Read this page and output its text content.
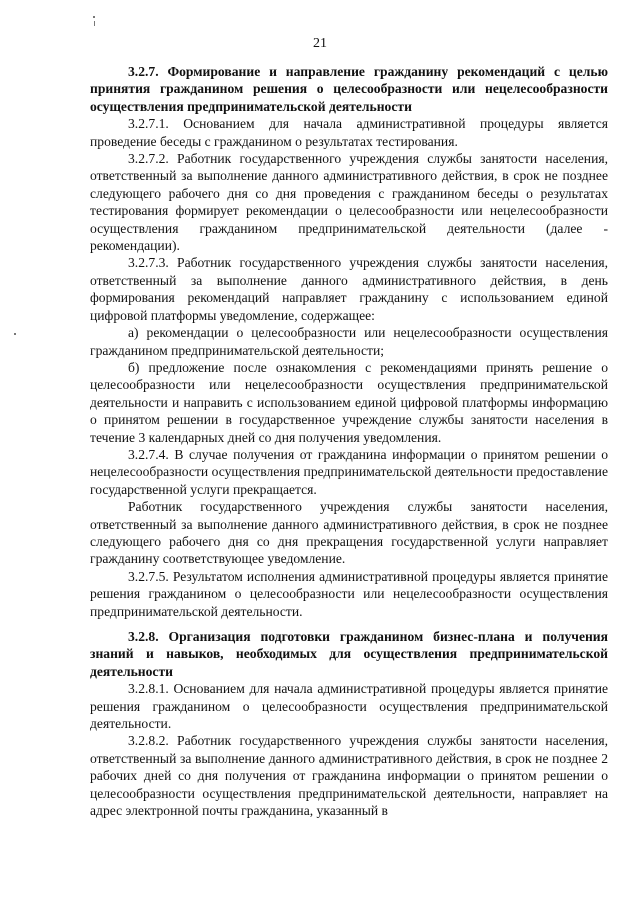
21

3.2.7. Формирование и направление гражданину рекомендаций с целью принятия гражданином решения о целесообразности или нецелесообразности осуществления предпринимательской деятельности

3.2.7.1. Основанием для начала административной процедуры является проведение беседы с гражданином о результатах тестирования.

3.2.7.2. Работник государственного учреждения службы занятости населения, ответственный за выполнение данного административного действия, в срок не позднее следующего рабочего дня со дня проведения с гражданином беседы о результатах тестирования формирует рекомендации о целесообразности или нецелесообразности осуществления гражданином предпринимательской деятельности (далее - рекомендации).

3.2.7.3. Работник государственного учреждения службы занятости населения, ответственный за выполнение данного административного действия, в день формирования рекомендаций направляет гражданину с использованием единой цифровой платформы уведомление, содержащее:

а) рекомендации о целесообразности или нецелесообразности осуществления гражданином предпринимательской деятельности;

б) предложение после ознакомления с рекомендациями принять решение о целесообразности или нецелесообразности осуществления предпринимательской деятельности и направить с использованием единой цифровой платформы информацию о принятом решении в государственное учреждение службы занятости населения в течение 3 календарных дней со дня получения уведомления.

3.2.7.4. В случае получения от гражданина информации о принятом решении о нецелесообразности осуществления предпринимательской деятельности предоставление государственной услуги прекращается.

Работник государственного учреждения службы занятости населения, ответственный за выполнение данного административного действия, в срок не позднее следующего рабочего дня со дня прекращения государственной услуги направляет гражданину соответствующее уведомление.

3.2.7.5. Результатом исполнения административной процедуры является принятие решения гражданином о целесообразности или нецелесообразности осуществления предпринимательской деятельности.

3.2.8. Организация подготовки гражданином бизнес-плана и получения знаний и навыков, необходимых для осуществления предпринимательской деятельности

3.2.8.1. Основанием для начала административной процедуры является принятие решения гражданином о целесообразности осуществления предпринимательской деятельности.

3.2.8.2. Работник государственного учреждения службы занятости населения, ответственный за выполнение данного административного действия, в срок не позднее 2 рабочих дней со дня получения от гражданина информации о принятом решении о целесообразности осуществления предпринимательской деятельности, направляет на адрес электронной почты гражданина, указанный в
